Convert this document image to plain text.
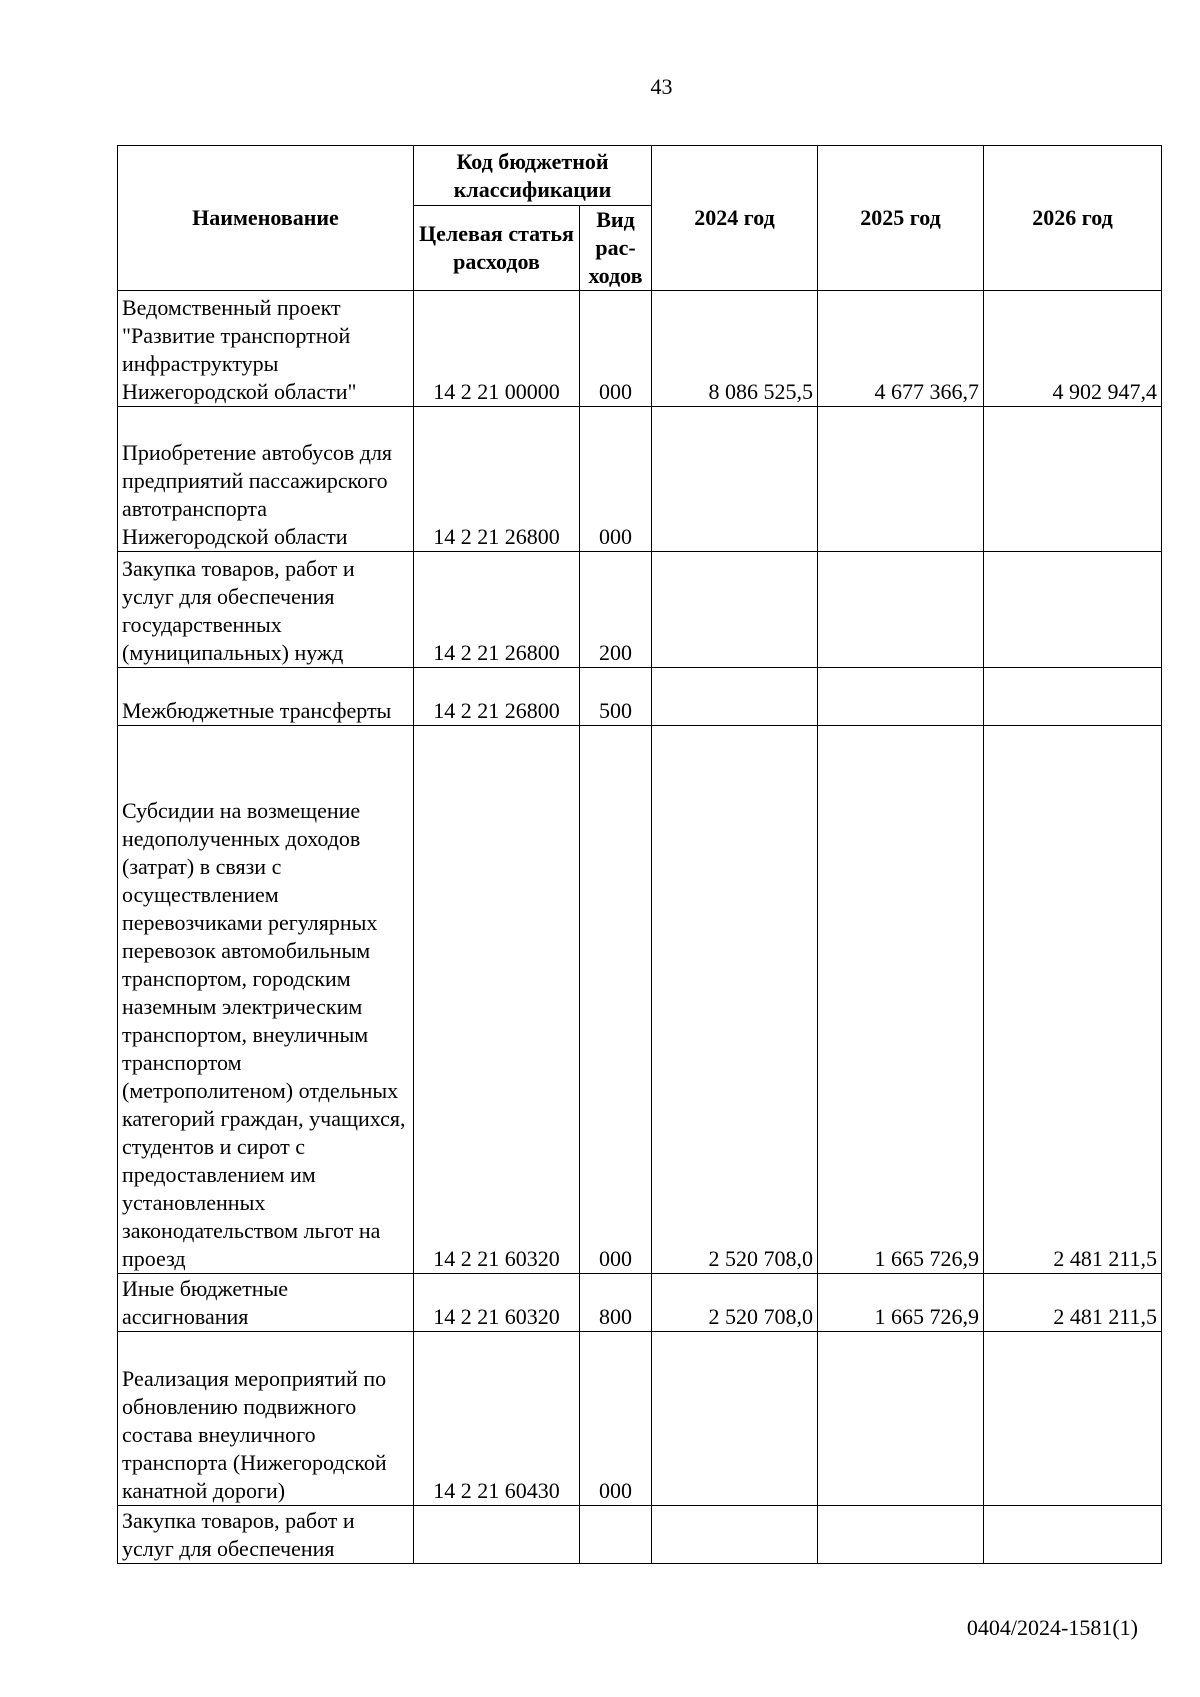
43
Наименование	Код бюджетной классификации		2024 год	2025 год	2026 год
	Целевая статья расходов	Вид рас-ходов			
Ведомственный проект "Развитие транспортной инфраструктуры Нижегородской области"	14 2 21 00000	000	8 086 525,5	4 677 366,7	4 902 947,4
Приобретение автобусов для предприятий пассажирского автотранспорта Нижегородской области	14 2 21 26800	000			
Закупка товаров, работ и услуг для обеспечения государственных (муниципальных) нужд	14 2 21 26800	200			
Межбюджетные трансферты	14 2 21 26800	500			
Субсидии на возмещение недополученных доходов (затрат) в связи с осуществлением перевозчиками регулярных перевозок автомобильным транспортом, городским наземным электрическим транспортом, внеуличным транспортом (метрополитеном) отдельных категорий граждан, учащихся, студентов и сирот с предоставлением им установленных законодательством льгот на проезд	14 2 21 60320	000	2 520 708,0	1 665 726,9	2 481 211,5
Иные бюджетные ассигнования	14 2 21 60320	800	2 520 708,0	1 665 726,9	2 481 211,5
Реализация мероприятий по обновлению подвижного состава внеуличного транспорта (Нижегородской канатной дороги)	14 2 21 60430	000			
Закупка товаров, работ и услуг для обеспечения					
0404/2024-1581(1)
